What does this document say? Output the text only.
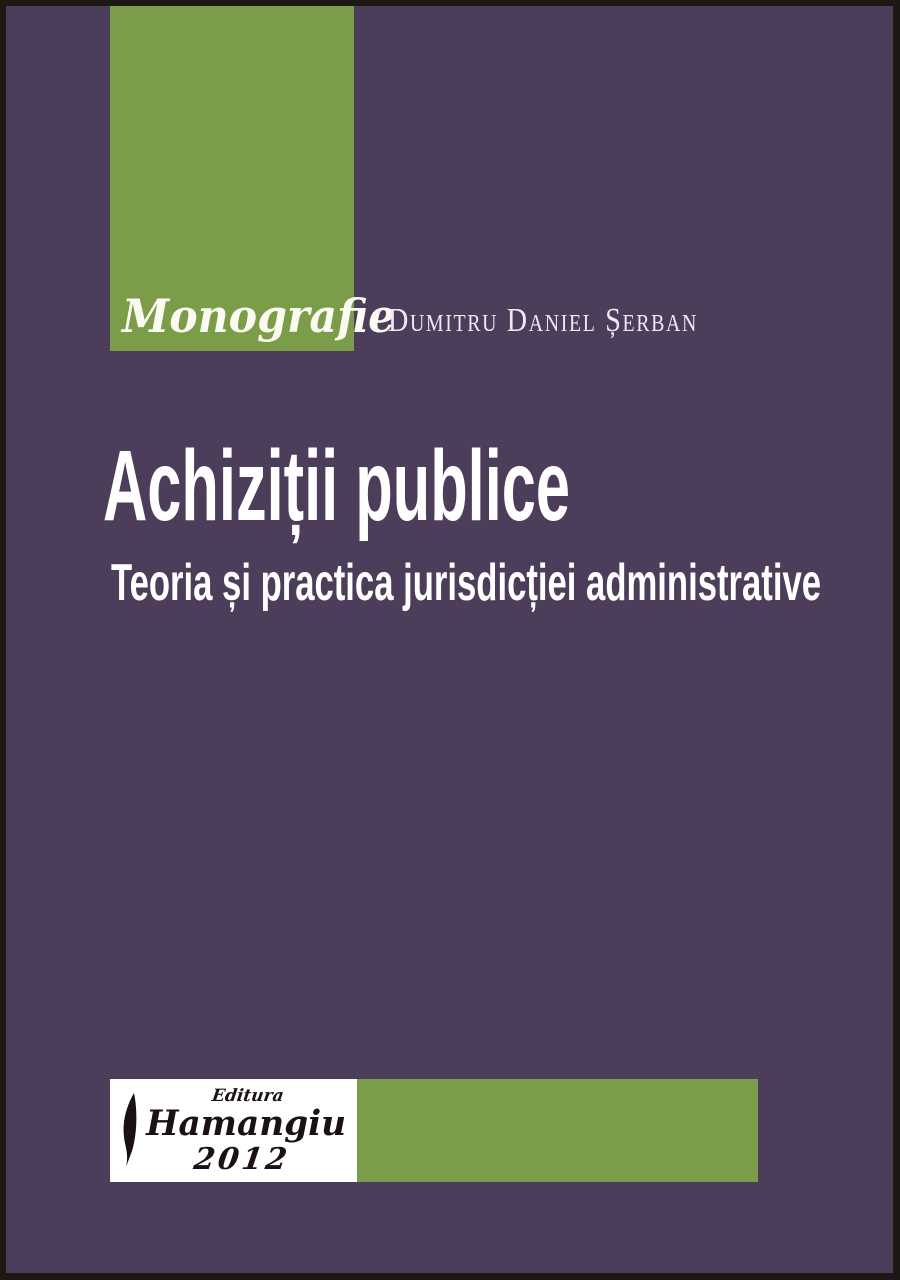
Monografie
Dumitru Daniel Șerban
Achiziții publice
Teoria și practica jurisdicției administrative
Editura
Hamangiu
2012
